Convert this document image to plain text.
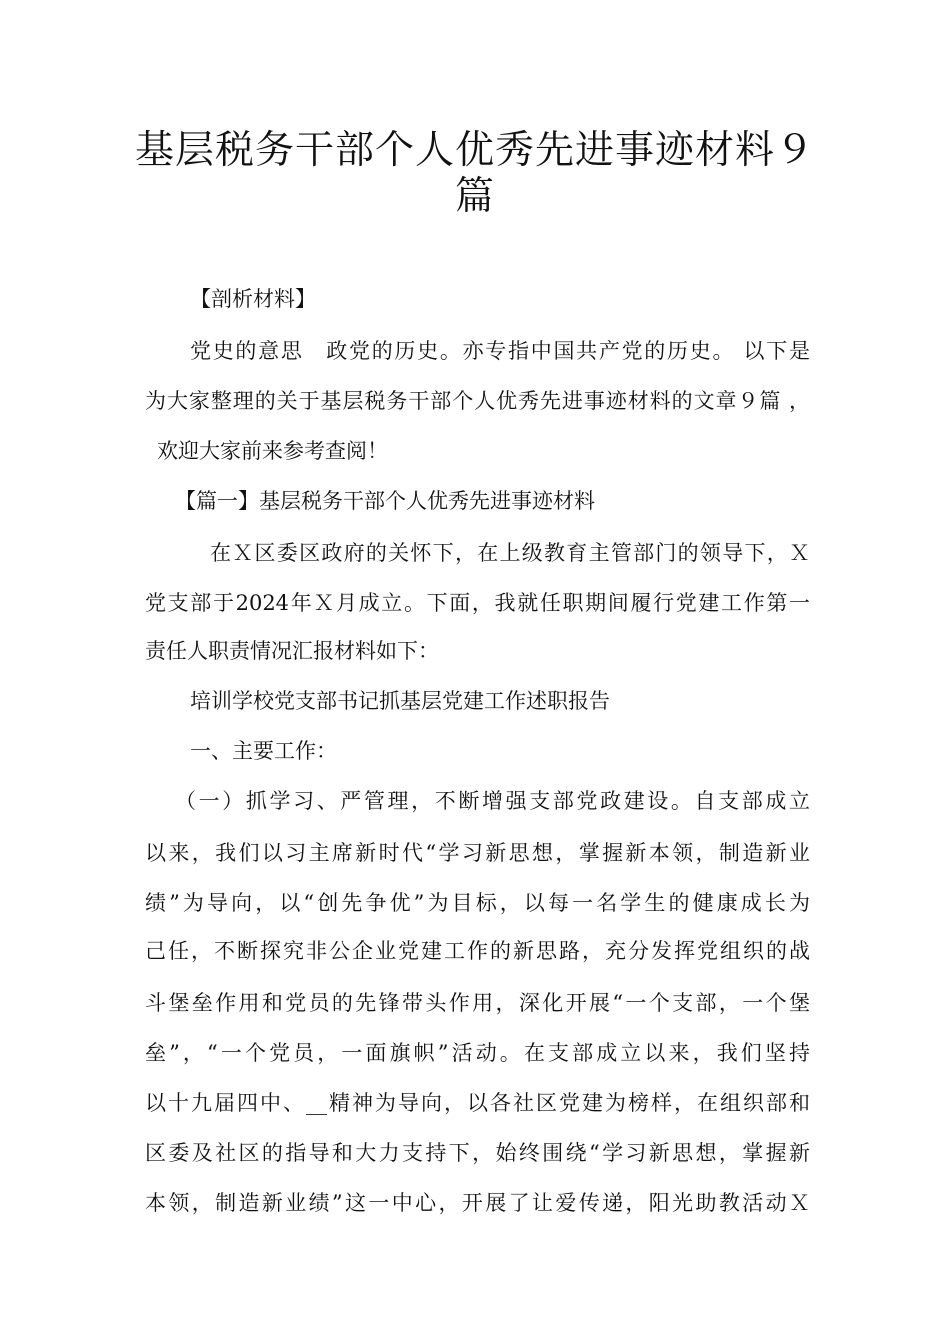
基层税务干部个人优秀先进事迹材料９
篇

【剖析材料】

党史的意思　政党的历史。亦专指中国共产党的历史。 以下是

为大家整理的关于基层税务干部个人优秀先进事迹材料的文章９篇 ，

欢迎大家前来参考查阅！

【篇一】基层税务干部个人优秀先进事迹材料

在Ｘ区委区政府的关怀下，在上级教育主管部门的领导下，Ｘ

党支部于2024年Ｘ月成立。下面，我就任职期间履行党建工作第一

责任人职责情况汇报材料如下：

培训学校党支部书记抓基层党建工作述职报告

一、主要工作：

（一）抓学习、严管理，不断增强支部党政建设。自支部成立

以来，我们以习主席新时代“学习新思想，掌握新本领，制造新业

绩”为导向，以“创先争优”为目标，以每一名学生的健康成长为

己任，不断探究非公企业党建工作的新思路，充分发挥党组织的战

斗堡垒作用和党员的先锋带头作用，深化开展“一个支部，一个堡

垒”，“一个党员，一面旗帜”活动。在支部成立以来，我们坚持

以十九届四中、__精神为导向，以各社区党建为榜样，在组织部和

区委及社区的指导和大力支持下，始终围绕“学习新思想，掌握新

本领，制造新业绩”这一中心，开展了让爱传递，阳光助教活动Ｘ
